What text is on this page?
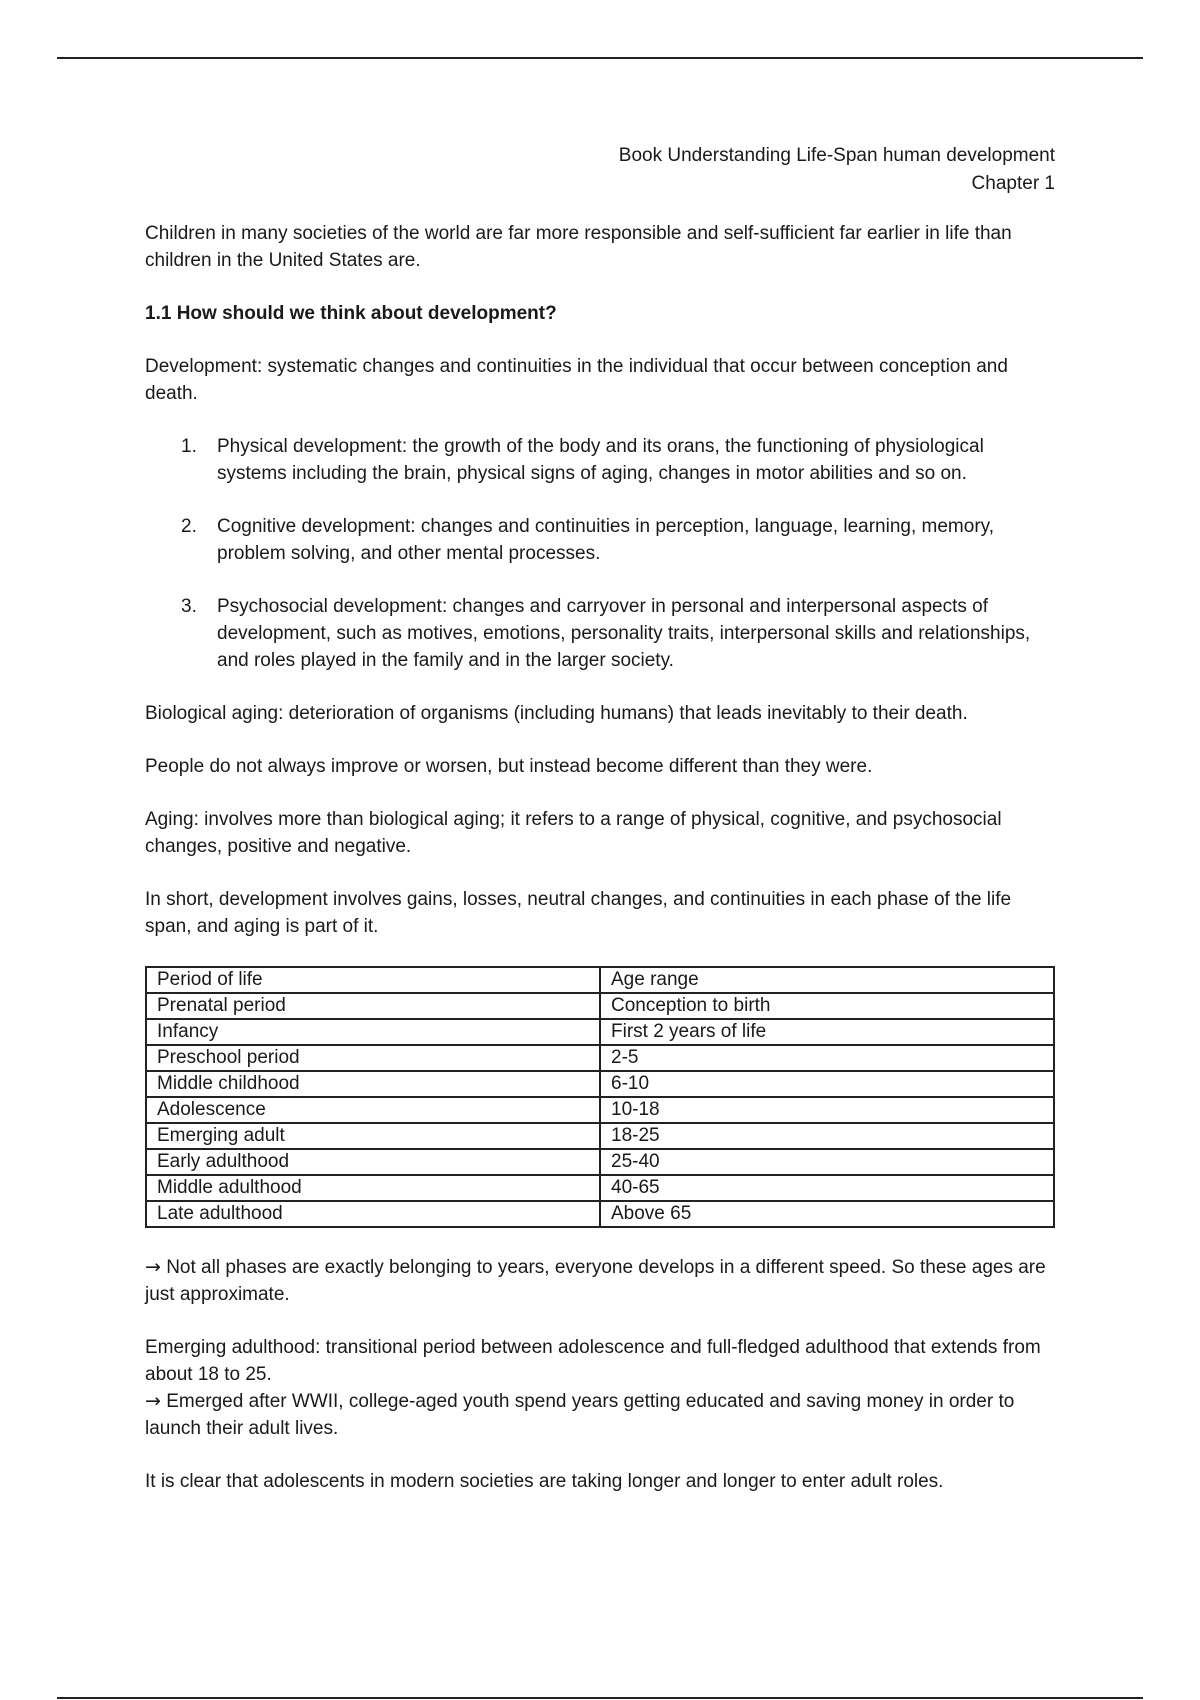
Book Understanding Life-Span human development
Chapter 1

Children in many societies of the world are far more responsible and self-sufficient far earlier in life than children in the United States are.

1.1 How should we think about development?

Development: systematic changes and continuities in the individual that occur between conception and death.

1. Physical development: the growth of the body and its orans, the functioning of physiological systems including the brain, physical signs of aging, changes in motor abilities and so on.
2. Cognitive development: changes and continuities in perception, language, learning, memory, problem solving, and other mental processes.
3. Psychosocial development: changes and carryover in personal and interpersonal aspects of development, such as motives, emotions, personality traits, interpersonal skills and relationships, and roles played in the family and in the larger society.

Biological aging: deterioration of organisms (including humans) that leads inevitably to their death.

People do not always improve or worsen, but instead become different than they were.

Aging: involves more than biological aging; it refers to a range of physical, cognitive, and psychosocial changes, positive and negative.

In short, development involves gains, losses, neutral changes, and continuities in each phase of the life span, and aging is part of it.

Period of life	Age range
Prenatal period	Conception to birth
Infancy	First 2 years of life
Preschool period	2-5
Middle childhood	6-10
Adolescence	10-18
Emerging adult	18-25
Early adulthood	25-40
Middle adulthood	40-65
Late adulthood	Above 65

→ Not all phases are exactly belonging to years, everyone develops in a different speed. So these ages are just approximate.

Emerging adulthood: transitional period between adolescence and full-fledged adulthood that extends from about 18 to 25.

→ Emerged after WWII, college-aged youth spend years getting educated and saving money in order to launch their adult lives.

It is clear that adolescents in modern societies are taking longer and longer to enter adult roles.
